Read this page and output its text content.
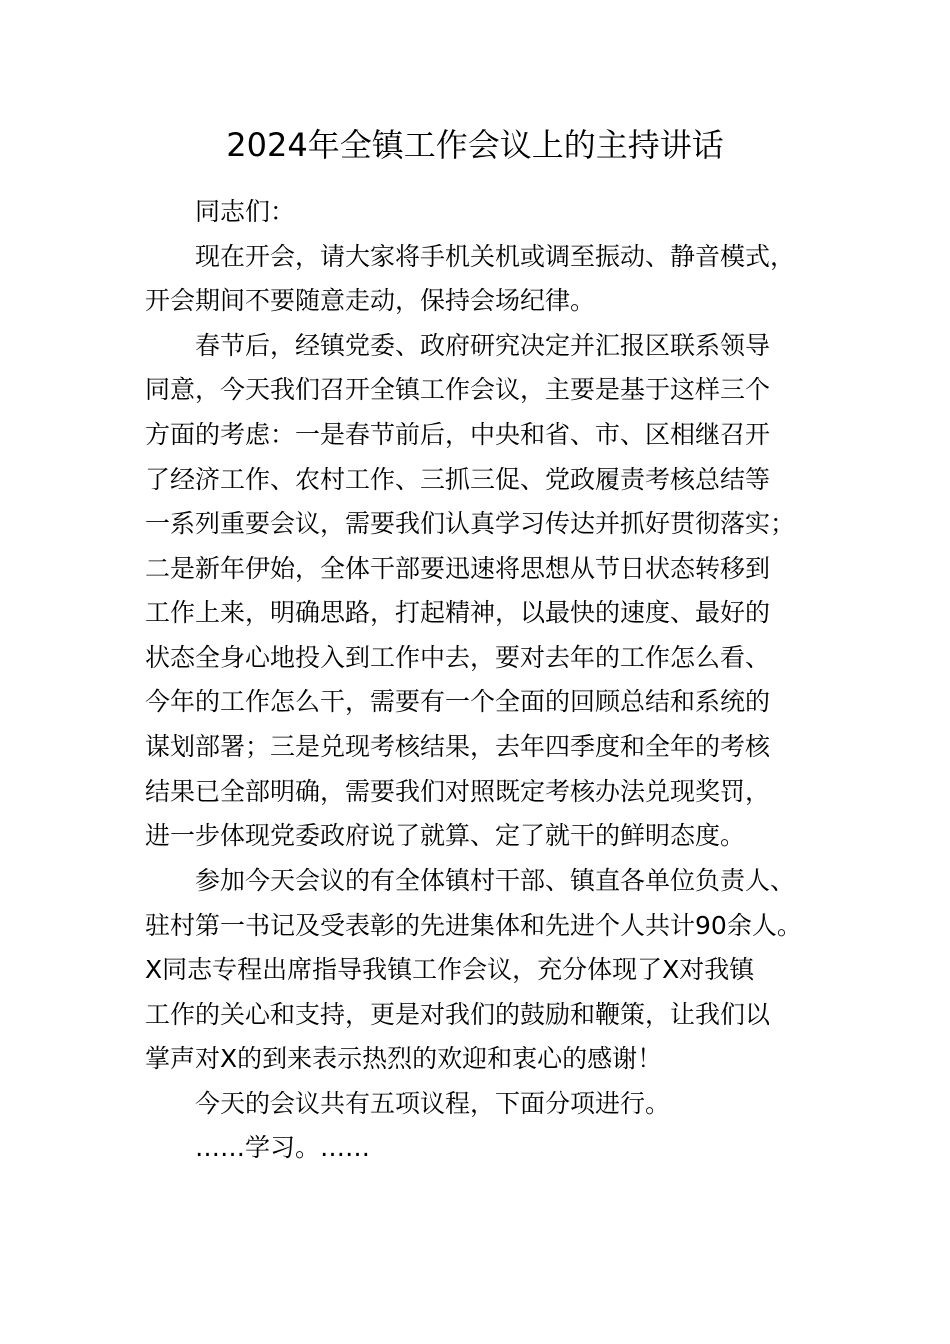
2024年全镇工作会议上的主持讲话
同志们：
现在开会，请大家将手机关机或调至振动、静音模式，
开会期间不要随意走动，保持会场纪律。
春节后，经镇党委、政府研究决定并汇报区联系领导
同意，今天我们召开全镇工作会议，主要是基于这样三个
方面的考虑：一是春节前后，中央和省、市、区相继召开
了经济工作、农村工作、三抓三促、党政履责考核总结等
一系列重要会议，需要我们认真学习传达并抓好贯彻落实；
二是新年伊始，全体干部要迅速将思想从节日状态转移到
工作上来，明确思路，打起精神，以最快的速度、最好的
状态全身心地投入到工作中去，要对去年的工作怎么看、
今年的工作怎么干，需要有一个全面的回顾总结和系统的
谋划部署；三是兑现考核结果，去年四季度和全年的考核
结果已全部明确，需要我们对照既定考核办法兑现奖罚，
进一步体现党委政府说了就算、定了就干的鲜明态度。
参加今天会议的有全体镇村干部、镇直各单位负责人、
驻村第一书记及受表彰的先进集体和先进个人共计90余人。
X同志专程出席指导我镇工作会议，充分体现了X对我镇
工作的关心和支持，更是对我们的鼓励和鞭策，让我们以
掌声对X的到来表示热烈的欢迎和衷心的感谢！
今天的会议共有五项议程，下面分项进行。
……学习。……
